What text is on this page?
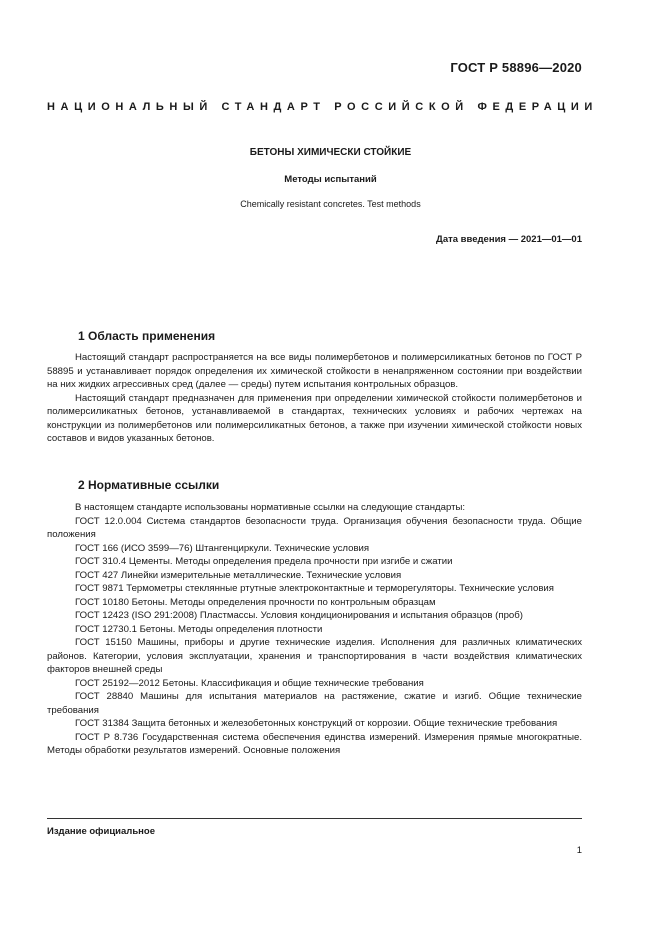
ГОСТ Р 58896—2020
НАЦИОНАЛЬНЫЙ СТАНДАРТ РОССИЙСКОЙ ФЕДЕРАЦИИ
БЕТОНЫ ХИМИЧЕСКИ СТОЙКИЕ
Методы испытаний
Chemically resistant concretes. Test methods
Дата введения — 2021—01—01
1 Область применения

Настоящий стандарт распространяется на все виды полимербетонов и полимерсиликатных бетонов по ГОСТ Р 58895 и устанавливает порядок определения их химической стойкости в ненапряженном состоянии при воздействии на них жидких агрессивных сред (далее — среды) путем испытания контрольных образцов.

Настоящий стандарт предназначен для применения при определении химической стойкости полимербетонов и полимерсиликатных бетонов, устанавливаемой в стандартах, технических условиях и рабочих чертежах на конструкции из полимербетонов или полимерсиликатных бетонов, а также при изучении химической стойкости новых составов и видов указанных бетонов.

2 Нормативные ссылки

В настоящем стандарте использованы нормативные ссылки на следующие стандарты:

ГОСТ 12.0.004 Система стандартов безопасности труда. Организация обучения безопасности труда. Общие положения

ГОСТ 166 (ИСО 3599—76) Штангенциркули. Технические условия

ГОСТ 310.4 Цементы. Методы определения предела прочности при изгибе и сжатии

ГОСТ 427 Линейки измерительные металлические. Технические условия

ГОСТ 9871 Термометры стеклянные ртутные электроконтактные и терморегуляторы. Технические условия

ГОСТ 10180 Бетоны. Методы определения прочности по контрольным образцам

ГОСТ 12423 (ISO 291:2008) Пластмассы. Условия кондиционирования и испытания образцов (проб)

ГОСТ 12730.1 Бетоны. Методы определения плотности

ГОСТ 15150 Машины, приборы и другие технические изделия. Исполнения для различных климатических районов. Категории, условия эксплуатации, хранения и транспортирования в части воздействия климатических факторов внешней среды

ГОСТ 25192—2012 Бетоны. Классификация и общие технические требования

ГОСТ 28840 Машины для испытания материалов на растяжение, сжатие и изгиб. Общие технические требования

ГОСТ 31384 Защита бетонных и железобетонных конструкций от коррозии. Общие технические требования

ГОСТ Р 8.736 Государственная система обеспечения единства измерений. Измерения прямые многократные. Методы обработки результатов измерений. Основные положения

Издание официальное
1
